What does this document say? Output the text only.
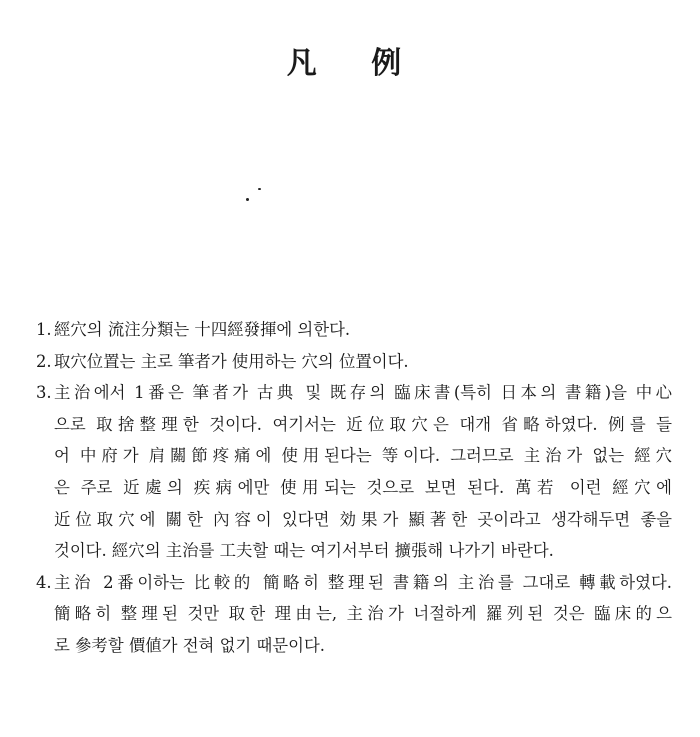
凡 例
1. 經穴의 流注分類는 十四經發揮에 의한다.
2. 取穴位置는 主로 筆者가 使用하는 穴의 位置이다.
3. 主治에서 1番은 筆者가 古典 및 既存의 臨床書(특히 日本의 書籍)을 中心
으로 取捨整理한 것이다. 여기서는 近位取穴은 대개 省略하였다. 例를 들
어 中府가 肩關節疼痛에 使用된다는 等이다. 그러므로 主治가 없는 經穴
은 주로 近處의 疾病에만 使用되는 것으로 보면 된다. 萬若 이런 經穴에
近位取穴에 關한 內容이 있다면 効果가 顯著한 곳이라고 생각해두면 좋을
것이다. 經穴의 主治를 工夫할 때는 여기서부터 擴張해 나가기 바란다.
4. 主治 2番이하는 比較的 簡略히 整理된 書籍의 主治를 그대로 轉載하였다.
簡略히 整理된 것만 取한 理由는, 主治가 너절하게 羅列된 것은 臨床的으
로 參考할 價値가 전혀 없기 때문이다.
